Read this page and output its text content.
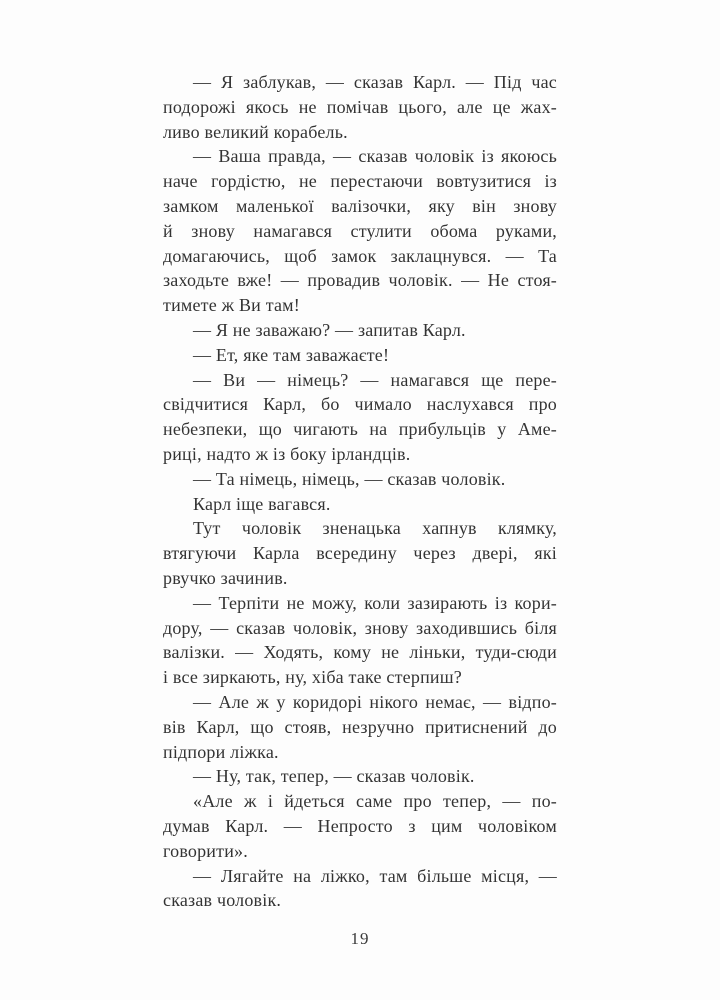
— Я заблукав, — сказав Карл. — Під час
подорожі якось не помічав цього, але це жах-
ливо великий корабель.
— Ваша правда, — сказав чоловік із якоюсь
наче гордістю, не перестаючи вовтузитися із
замком маленької валізочки, яку він знову
й знову намагався стулити обома руками,
домагаючись, щоб замок заклацнувся. — Та
заходьте вже! — провадив чоловік. — Не стоя-
тимете ж Ви там!
— Я не заважаю? — запитав Карл.
— Ет, яке там заважаєте!
— Ви — німець? — намагався ще пере-
свідчитися Карл, бо чимало наслухався про
небезпеки, що чигають на прибульців у Аме-
риці, надто ж із боку ірландців.
— Та німець, німець, — сказав чоловік.
Карл іще вагався.
Тут чоловік зненацька хапнув клямку,
втягуючи Карла всередину через двері, які
рвучко зачинив.
— Терпіти не можу, коли зазирають із кори-
дору, — сказав чоловік, знову заходившись біля
валізки. — Ходять, кому не ліньки, туди-сюди
і все зиркають, ну, хіба таке стерпиш?
— Але ж у коридорі нікого немає, — відпо-
вів Карл, що стояв, незручно притиснений до
підпори ліжка.
— Ну, так, тепер, — сказав чоловік.
«Але ж і йдеться саме про тепер, — по-
думав Карл. — Непросто з цим чоловіком
говорити».
— Лягайте на ліжко, там більше місця, —
сказав чоловік.
19
